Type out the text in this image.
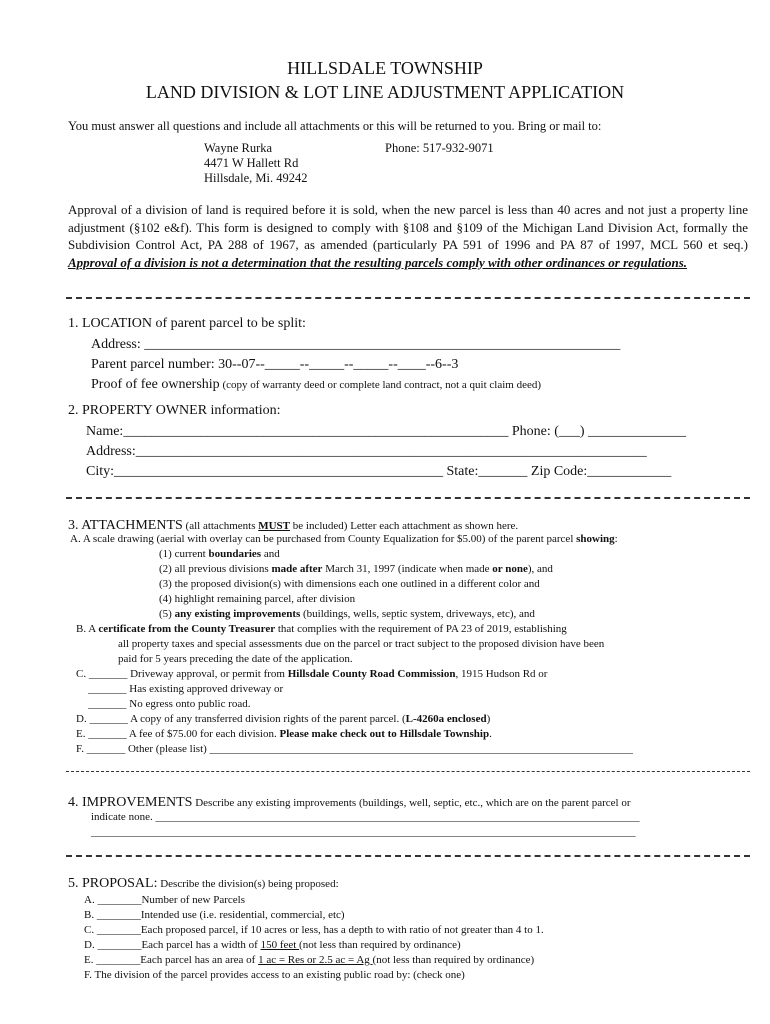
HILLSDALE TOWNSHIP
LAND DIVISION & LOT LINE ADJUSTMENT APPLICATION
You must answer all questions and include all attachments or this will be returned to you. Bring or mail to:
Wayne Rurka	Phone: 517-932-9071
4471 W Hallett Rd
Hillsdale, Mi. 49242
Approval of a division of land is required before it is sold, when the new parcel is less than 40 acres and not just a property line adjustment (§102 e&f). This form is designed to comply with §108 and §109 of the Michigan Land Division Act, formally the Subdivision Control Act, PA 288 of 1967, as amended (particularly PA 591 of 1996 and PA 87 of 1997, MCL 560 et seq.) Approval of a division is not a determination that the resulting parcels comply with other ordinances or regulations.
1. LOCATION of parent parcel to be split:
Address: ____________________________________________________________________
Parent parcel number: 30--07--_____--_____--_____--____--6--3
Proof of fee ownership (copy of warranty deed or complete land contract, not a quit claim deed)
2. PROPERTY OWNER information:
Name:_______________________________________________________ Phone: (___) ______________
Address:_________________________________________________________________________
City:_______________________________________________ State:_______ Zip Code:____________
3. ATTACHMENTS (all attachments MUST be included) Letter each attachment as shown here.
A. A scale drawing (aerial with overlay can be purchased from County Equalization for $5.00) of the parent parcel showing:
(1) current boundaries and
(2) all previous divisions made after March 31, 1997 (indicate when made or none), and
(3) the proposed division(s) with dimensions each one outlined in a different color and
(4) highlight remaining parcel, after division
(5) any existing improvements (buildings, wells, septic system, driveways, etc), and
B. A certificate from the County Treasurer that complies with the requirement of PA 23 of 2019, establishing
all property taxes and special assessments due on the parcel or tract subject to the proposed division have been
paid for 5 years preceding the date of the application.
C. _______ Driveway approval, or permit from Hillsdale County Road Commission, 1915 Hudson Rd or
_______ Has existing approved driveway or
_______ No egress onto public road.
D. _______ A copy of any transferred division rights of the parent parcel. (L-4260a enclosed)
E. _______ A fee of $75.00 for each division. Please make check out to Hillsdale Township.
F. _______ Other (please list) _____________________________________________________________________________
4. IMPROVEMENTS Describe any existing improvements (buildings, well, septic, etc., which are on the parent parcel or
indicate none. ________________________________________________________________________________________
___________________________________________________________________________________________________
5. PROPOSAL: Describe the division(s) being proposed:
A. ________Number of new Parcels
B. ________Intended use (i.e. residential, commercial, etc)
C. ________Each proposed parcel, if 10 acres or less, has a depth to with ratio of not greater than 4 to 1.
D. ________Each parcel has a width of 150 feet (not less than required by ordinance)
E. ________Each parcel has an area of 1 ac = Res or 2.5 ac = Ag (not less than required by ordinance)
F. The division of the parcel provides access to an existing public road by: (check one)
